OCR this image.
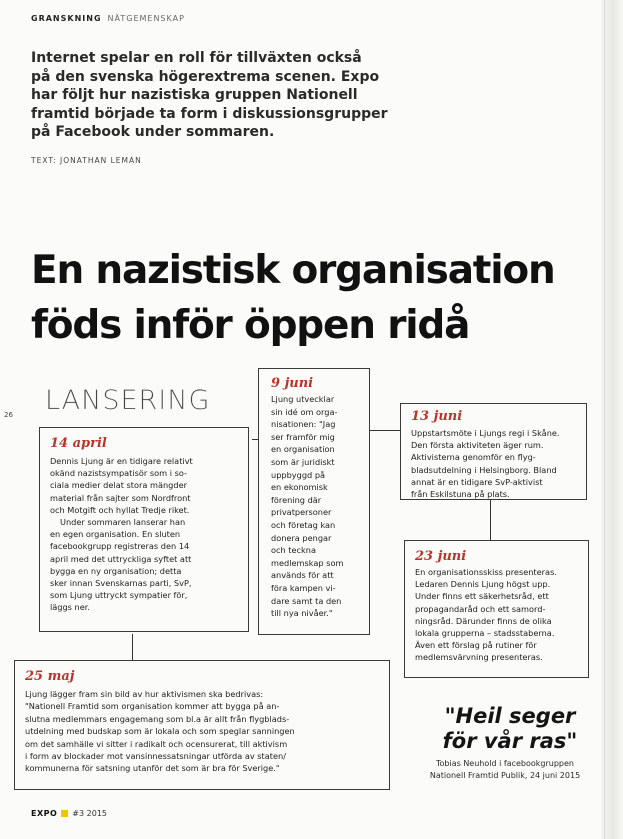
GRANSKNING NÄTGEMENSKAP
Internet spelar en roll för tillväxten också
på den svenska högerextrema scenen. Expo
har följt hur nazistiska gruppen Nationell
framtid började ta form i diskussionsgrupper
på Facebook under sommaren.
TEXT: JONATHAN LEMAN
En nazistisk organisation
föds inför öppen ridå
26 LANSERING
14 april
Dennis Ljung är en tidigare relativt
okänd nazistsympatisör som i so-
ciala medier delat stora mängder
material från sajter som Nordfront
och Motgift och hyllat Tredje riket.
Under sommaren lanserar han
en egen organisation. En sluten
facebookgrupp registreras den 14
april med det uttryckliga syftet att
bygga en ny organisation; detta
sker innan Svenskarnas parti, SvP,
som Ljung uttryckt sympatier för,
läggs ner.
9 juni
Ljung utvecklar
sin idé om orga-
nisationen: "Jag
ser framför mig
en organisation
som är juridiskt
uppbyggd på
en ekonomisk
förening där
privatpersoner
och företag kan
donera pengar
och teckna
medlemskap som
används för att
föra kampen vi-
dare samt ta den
till nya nivåer."
13 juni
Uppstartsmöte i Ljungs regi i Skåne.
Den första aktiviteten äger rum.
Aktivisterna genomför en flyg-
bladsutdelning i Helsingborg. Bland
annat är en tidigare SvP-aktivist
från Eskilstuna på plats.
23 juni
En organisationsskiss presenteras.
Ledaren Dennis Ljung högst upp.
Under finns ett säkerhetsråd, ett
propagandaråd och ett samord-
ningsråd. Därunder finns de olika
lokala grupperna – stadsstaberna.
Även ett förslag på rutiner för
medlemsvärvning presenteras.
25 maj
Ljung lägger fram sin bild av hur aktivismen ska bedrivas:
"Nationell Framtid som organisation kommer att bygga på an-
slutna medlemmars engagemang som bl.a är allt från flygblads-
utdelning med budskap som är lokala och som speglar sanningen
om det samhälle vi sitter i radikalt och ocensurerat, till aktivism
i form av blockader mot vansinnessatsningar utförda av staten/
kommunerna för satsning utanför det som är bra för Sverige."
"Heil seger
för vår ras"
Tobias Neuhold i facebookgruppen
Nationell Framtid Publik, 24 juni 2015
EXPO #3 2015
